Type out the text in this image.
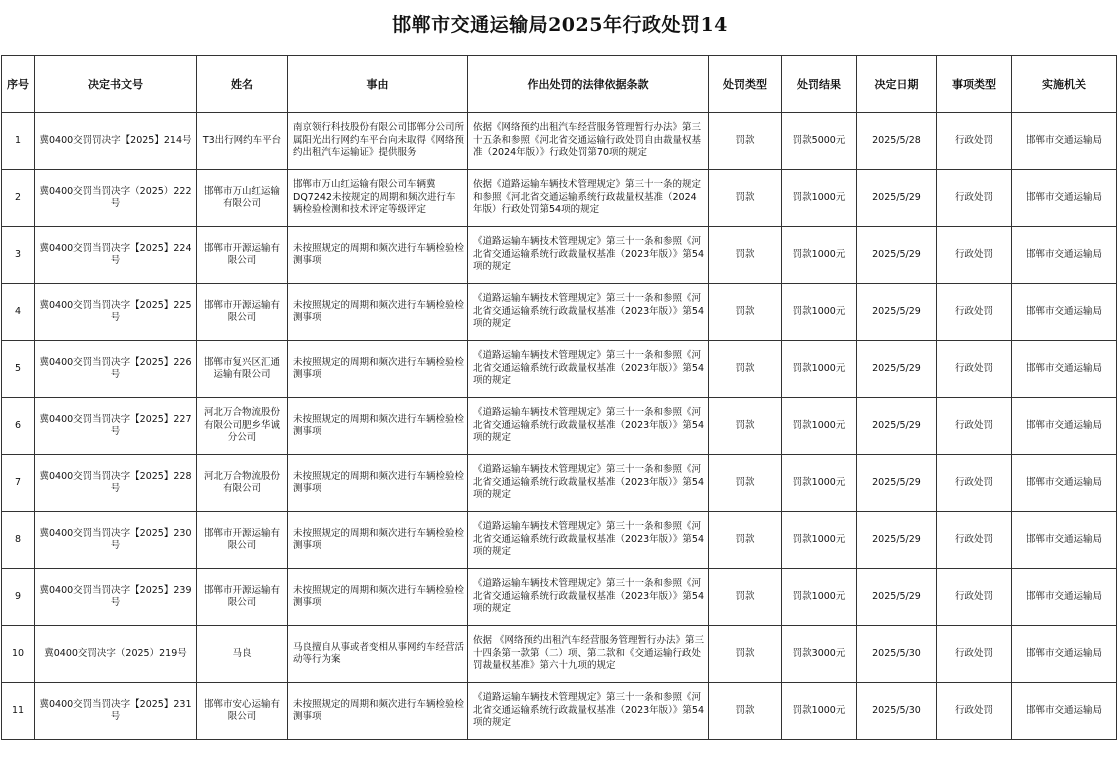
邯郸市交通运输局2025年行政处罚14
序号	决定书文号	姓名	事由	作出处罚的法律依据条款	处罚类型	处罚结果	决定日期	事项类型	实施机关
1	冀0400交罚罚决字【2025】214号	T3出行网约车平台	南京领行科技股份有限公司邯郸分公司所属阳光出行网约车平台向未取得《网络预约出租汽车运输证》提供服务	依据《网络预约出租汽车经营服务管理暂行办法》第三十五条和参照《河北省交通运输行政处罚自由裁量权基准（2024年版）》行政处罚第70项的规定	罚款	罚款5000元	2025/5/28	行政处罚	邯郸市交通运输局
2	冀0400交罚当罚决字（2025）222号	邯郸市万山红运输有限公司	邯郸市万山红运输有限公司车辆冀DQ7242未按规定的周期和频次进行车辆检验检测和技术评定等级评定	依据《道路运输车辆技术管理规定》第三十一条的规定和参照《河北省交通运输系统行政裁量权基准（2024年版）行政处罚第54项的规定	罚款	罚款1000元	2025/5/29	行政处罚	邯郸市交通运输局
3	冀0400交罚当罚决字【2025】224号	邯郸市开源运输有限公司	未按照规定的周期和频次进行车辆检验检测事项	《道路运输车辆技术管理规定》第三十一条和参照《河北省交通运输系统行政裁量权基准（2023年版）》第54项的规定	罚款	罚款1000元	2025/5/29	行政处罚	邯郸市交通运输局
4	冀0400交罚当罚决字【2025】225号	邯郸市开源运输有限公司	未按照规定的周期和频次进行车辆检验检测事项	《道路运输车辆技术管理规定》第三十一条和参照《河北省交通运输系统行政裁量权基准（2023年版）》第54项的规定	罚款	罚款1000元	2025/5/29	行政处罚	邯郸市交通运输局
5	冀0400交罚当罚决字【2025】226号	邯郸市复兴区汇通运输有限公司	未按照规定的周期和频次进行车辆检验检测事项	《道路运输车辆技术管理规定》第三十一条和参照《河北省交通运输系统行政裁量权基准（2023年版）》第54项的规定	罚款	罚款1000元	2025/5/29	行政处罚	邯郸市交通运输局
6	冀0400交罚当罚决字【2025】227号	河北万合物流股份有限公司肥乡华诚分公司	未按照规定的周期和频次进行车辆检验检测事项	《道路运输车辆技术管理规定》第三十一条和参照《河北省交通运输系统行政裁量权基准（2023年版）》第54项的规定	罚款	罚款1000元	2025/5/29	行政处罚	邯郸市交通运输局
7	冀0400交罚当罚决字【2025】228号	河北万合物流股份有限公司	未按照规定的周期和频次进行车辆检验检测事项	《道路运输车辆技术管理规定》第三十一条和参照《河北省交通运输系统行政裁量权基准（2023年版）》第54项的规定	罚款	罚款1000元	2025/5/29	行政处罚	邯郸市交通运输局
8	冀0400交罚当罚决字【2025】230号	邯郸市开源运输有限公司	未按照规定的周期和频次进行车辆检验检测事项	《道路运输车辆技术管理规定》第三十一条和参照《河北省交通运输系统行政裁量权基准（2023年版）》第54项的规定	罚款	罚款1000元	2025/5/29	行政处罚	邯郸市交通运输局
9	冀0400交罚当罚决字【2025】239号	邯郸市开源运输有限公司	未按照规定的周期和频次进行车辆检验检测事项	《道路运输车辆技术管理规定》第三十一条和参照《河北省交通运输系统行政裁量权基准（2023年版）》第54项的规定	罚款	罚款1000元	2025/5/29	行政处罚	邯郸市交通运输局
10	冀0400交罚决字（2025）219号	马良	马良擅自从事或者变相从事网约车经营活动等行为案	依据 《网络预约出租汽车经营服务管理暂行办法》第三十四条第一款第（二）项、第二款和《交通运输行政处罚裁量权基准》第六十九项的规定	罚款	罚款3000元	2025/5/30	行政处罚	邯郸市交通运输局
11	冀0400交罚当罚决字【2025】231号	邯郸市安心运输有限公司	未按照规定的周期和频次进行车辆检验检测事项	《道路运输车辆技术管理规定》第三十一条和参照《河北省交通运输系统行政裁量权基准（2023年版）》第54项的规定	罚款	罚款1000元	2025/5/30	行政处罚	邯郸市交通运输局
